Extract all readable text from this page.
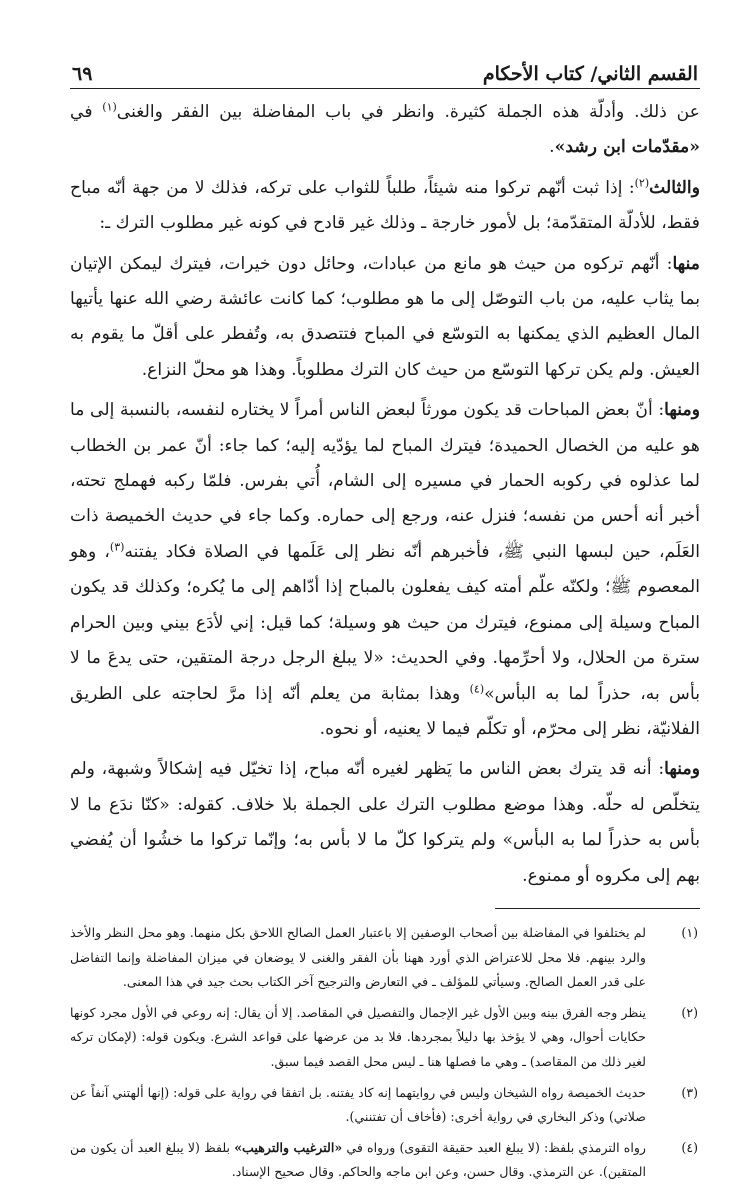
القسم الثاني/ كتاب الأحكام
٦٩

عن ذلك. وأدلّة هذه الجملة كثيرة. وانظر في باب المفاضلة بين الفقر والغنى$^{(١)}$ في «مقدّمات ابن رشد».

والثالث$^{(٢)}$: إذا ثبت أنّهم تركوا منه شيئاً، طلباً للثواب على تركه، فذلك لا من جهة أنّه مباح فقط، للأدلّة المتقدّمة؛ بل لأمور خارجة ـ وذلك غير قادح في كونه غير مطلوب الترك ـ:

منها: أنّهم تركوه من حيث هو مانع من عبادات، وحائل دون خيرات، فيترك ليمكن الإتيان بما يثاب عليه، من باب التوصّل إلى ما هو مطلوب؛ كما كانت عائشة رضي الله عنها يأتيها المال العظيم الذي يمكنها به التوسّع في المباح فتتصدق به، وتُفطر على أقلّ ما يقوم به العيش. ولم يكن تركها التوسّع من حيث كان الترك مطلوباً. وهذا هو محلّ النزاع.

ومنها: أنّ بعض المباحات قد يكون مورثاً لبعض الناس أمراً لا يختاره لنفسه، بالنسبة إلى ما هو عليه من الخصال الحميدة؛ فيترك المباح لما يؤدّيه إليه؛ كما جاء: أنّ عمر بن الخطاب لما عذلوه في ركوبه الحمار في مسيره إلى الشام، أُتي بفرس. فلمّا ركبه فهملج تحته، أخبر أنه أحس من نفسه؛ فنزل عنه، ورجع إلى حماره. وكما جاء في حديث الخميصة ذات العَلَم، حين لبسها النبي ﷺ، فأخبرهم أنّه نظر إلى عَلَمها في الصلاة فكاد يفتنه$^{(٣)}$، وهو المعصوم ﷺ؛ ولكنّه علّم أمته كيف يفعلون بالمباح إذا أدّاهم إلى ما يُكره؛ وكذلك قد يكون المباح وسيلة إلى ممنوع، فيترك من حيث هو وسيلة؛ كما قيل: إني لأدَع بيني وبين الحرام سترة من الحلال، ولا أحرِّمها. وفي الحديث: «لا يبلغ الرجل درجة المتقين، حتى يدعَ ما لا بأس به، حذراً لما به البأس»$^{(٤)}$ وهذا بمثابة من يعلم أنّه إذا مرَّ لحاجته على الطريق الفلانيّة، نظر إلى محرّم، أو تكلّم فيما لا يعنيه، أو نحوه.

ومنها: أنه قد يترك بعض الناس ما يَظهر لغيره أنّه مباح، إذا تخيّل فيه إشكالاً وشبهة، ولم يتخلّص له حلّه. وهذا موضع مطلوب الترك على الجملة بلا خلاف. كقوله: «كنّا ندَع ما لا بأس به حذراً لما به البأس» ولم يتركوا كلّ ما لا بأس به؛ وإنّما تركوا ما خشُوا أن يُفضي بهم إلى مكروه أو ممنوع.

(١)
لم يختلفوا في المفاضلة بين أصحاب الوصفين إلا باعتبار العمل الصالح اللاحق بكل منهما. وهو محل النظر والأخذ والرد بينهم. فلا محل للاعتراض الذي أورد ههنا بأن الفقر والغنى لا يوضعان في ميزان المفاضلة وإنما التفاضل على قدر العمل الصالح. وسيأتي للمؤلف ـ في التعارض والترجيح آخر الكتاب بحث جيد في هذا المعنى.
(٢)
ينظر وجه الفرق بينه وبين الأول غير الإجمال والتفصيل في المقاصد. إلا أن يقال: إنه روعي في الأول مجرد كونها حكايات أحوال، وهي لا يؤخذ بها دليلاً بمجردها. فلا بد من عرضها على قواعد الشرع. ويكون قوله: (لإمكان تركه لغير ذلك من المقاصد) ـ وهي ما فصلها هنا ـ ليس محل القصد فيما سبق.
(٣)
حديث الخميصة رواه الشيخان وليس في روايتهما إنه كاد يفتنه. بل اتفقا في رواية على قوله: (إنها ألهتني آنفاً عن صلاتي) وذكر البخاري في رواية أخرى: (فأخاف أن تفتنني).
(٤)
رواه الترمذي بلفظ: (لا يبلغ العبد حقيقة التقوى) ورواه في «الترغيب والترهيب» بلفظ (لا يبلغ العبد أن يكون من المتقين). عن الترمذي. وقال حسن، وعن ابن ماجه والحاكم. وقال صحيح الإسناد.
